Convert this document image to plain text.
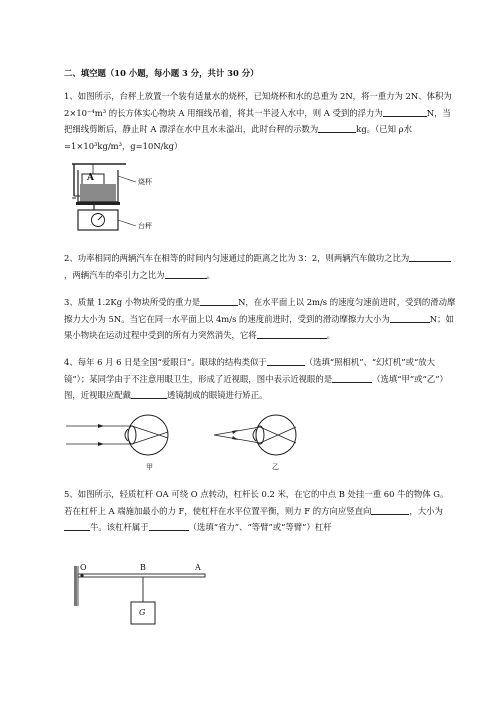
二、填空题（10 小题，每小题 3 分，共计 30 分）
1、如图所示，台秤上放置一个装有适量水的烧杯，已知烧杯和水的总重为 2N，将一重力为 2N、体积为 2×10⁻⁴m³ 的长方体实心物块 A 用细线吊着，将其一半浸入水中，则 A 受到的浮力为	N，当把细线剪断后，静止时 A 漂浮在水中且水未溢出，此时台秤的示数为	kg。（已知 ρ水=1×10³kg/m³，g=10N/kg）
A	烧杯
台秤
2、功率相同的两辆汽车在相等的时间内匀速通过的距离之比为 3：2，则两辆汽车做功之比为，两辆汽车的牵引力之比为	。
3、质量 1.2Kg 小物块所受的重力是	N，在水平面上以 2m/s 的速度匀速前进时，受到的滑动摩擦力大小为 5N。当它在同一水平面上以 4m/s 的速度前进时，受到的滑动摩擦力大小为	N；如果小物块在运动过程中受到的所有力突然消失，它将	。
4、每年 6 月 6 日是全国“爱眼日”。眼球的结构类似于	（选填“照相机”、“幻灯机”或“放大镜”）；某同学由于不注意用眼卫生，形成了近视眼，图中表示近视眼的是	（选填“甲”或“乙”）图，近视眼应配戴	透镜制成的眼镜进行矫正。
甲	乙
5、如图所示，轻质杠杆 OA 可绕 O 点转动，杠杆长 0.2 米，在它的中点 B 处挂一重 60 牛的物体 G。若在杠杆上 A 端施加最小的力 F，使杠杆在水平位置平衡，则力 F 的方向应竖直向	，大小为牛。该杠杆属于	（选填“省力”、“等臂”或“等臂”）杠杆
O	B	A
G
